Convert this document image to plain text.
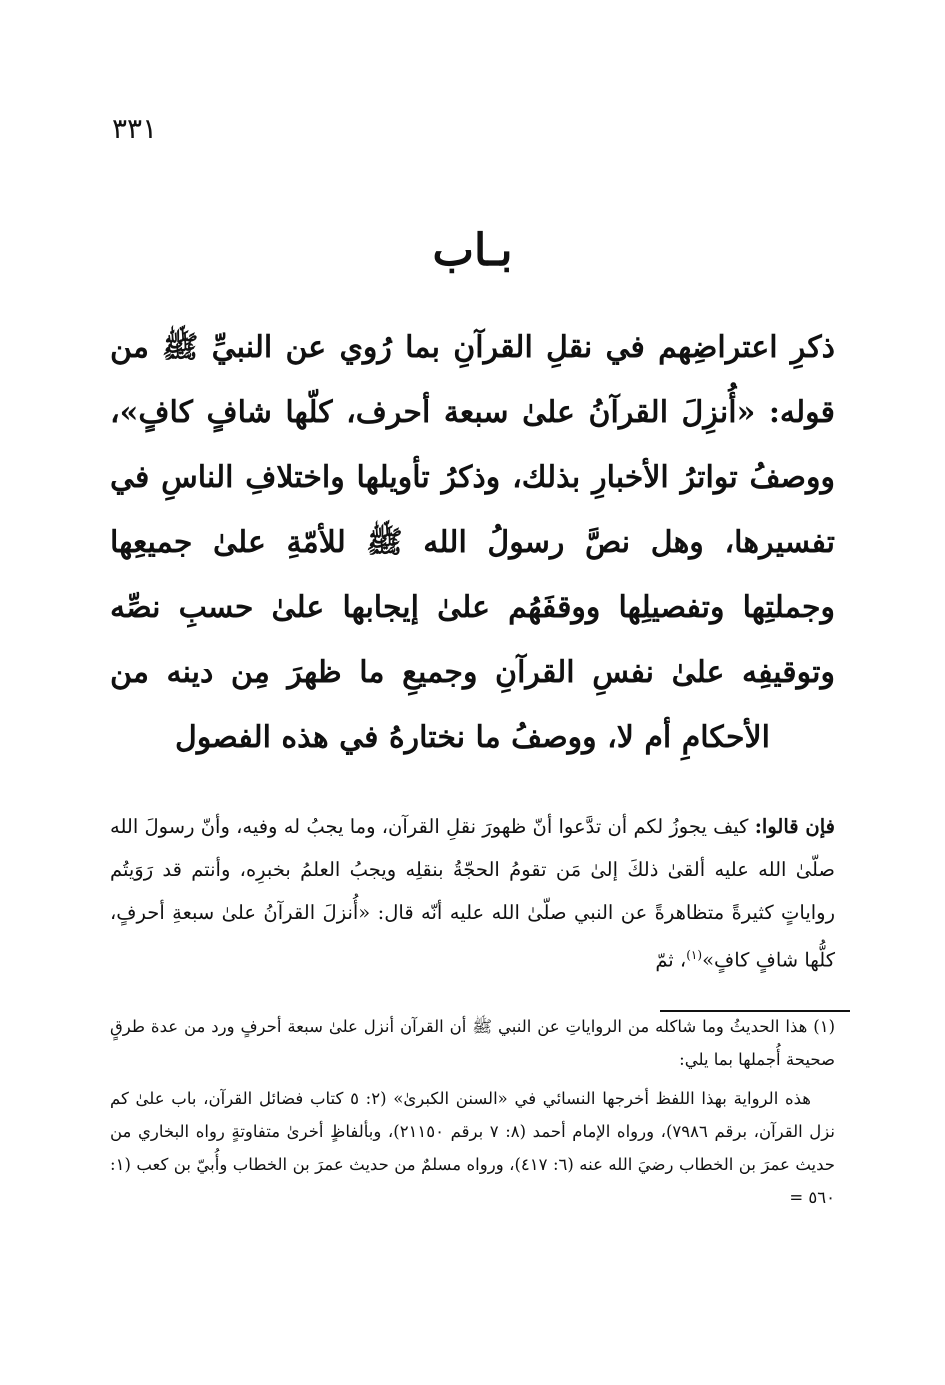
٣٣١
بـاب
ذكرِ اعتراضِهم في نقلِ القرآنِ بما رُوي عن النبيِّ ﷺ من قوله: «أُنزِلَ القرآنُ علىٰ سبعة أحرف، كلّها شافٍ كافٍ»، ووصفُ تواترُ الأخبارِ بذلك، وذكرُ تأويلها واختلافِ الناسِ في تفسيرها، وهل نصَّ رسولُ الله ﷺ للأمّةِ علىٰ جميعِها وجملتِها وتفصيلِها ووقفَهُم علىٰ إيجابها علىٰ حسبِ نصِّه وتوقيفِه علىٰ نفسِ القرآنِ وجميعِ ما ظهرَ مِن دينه من الأحكامِ أم لا، ووصفُ ما نختارهُ في هذه الفصول
فإن قالوا: كيف يجوزُ لكم أن تدَّعوا أنّ ظهورَ نقلِ القرآن، وما يجبُ له وفيه، وأنّ رسولَ الله صلّىٰ الله عليه ألقىٰ ذلكَ إلىٰ مَن تقومُ الحجّةُ بنقلِه ويجبُ العلمُ بخبرِه، وأنتم قد رَوَيتُم رواياتٍ كثيرةً متظاهرةً عن النبي صلّىٰ الله عليه أنّه قال: «أُنزلَ القرآنُ علىٰ سبعةِ أحرفٍ، كلُّها شافٍ كافٍ»$^{(١)}$، ثمّ

(١) هذا الحديثُ وما شاكله من الرواياتِ عن النبي ﷺ أن القرآن أنزل علىٰ سبعة أحرفٍ ورد من عدة طرقٍ صحيحة أُجملها بما يلي:

هذه الرواية بهذا اللفظ أخرجها النسائي في «السنن الكبرىٰ» (٢: ٥ كتاب فضائل القرآن، باب علىٰ كم نزل القرآن، برقم ٧٩٨٦)، ورواه الإمام أحمد (٨: ٧ برقم ٢١١٥٠)، وبألفاظٍ أخرىٰ متفاوتةٍ رواه البخاري من حديث عمرَ بن الخطاب رضيَ الله عنه (٦: ٤١٧)، ورواه مسلمٌ من حديث عمرَ بن الخطاب وأُبيّ بن كعب (١: ٥٦٠ =
